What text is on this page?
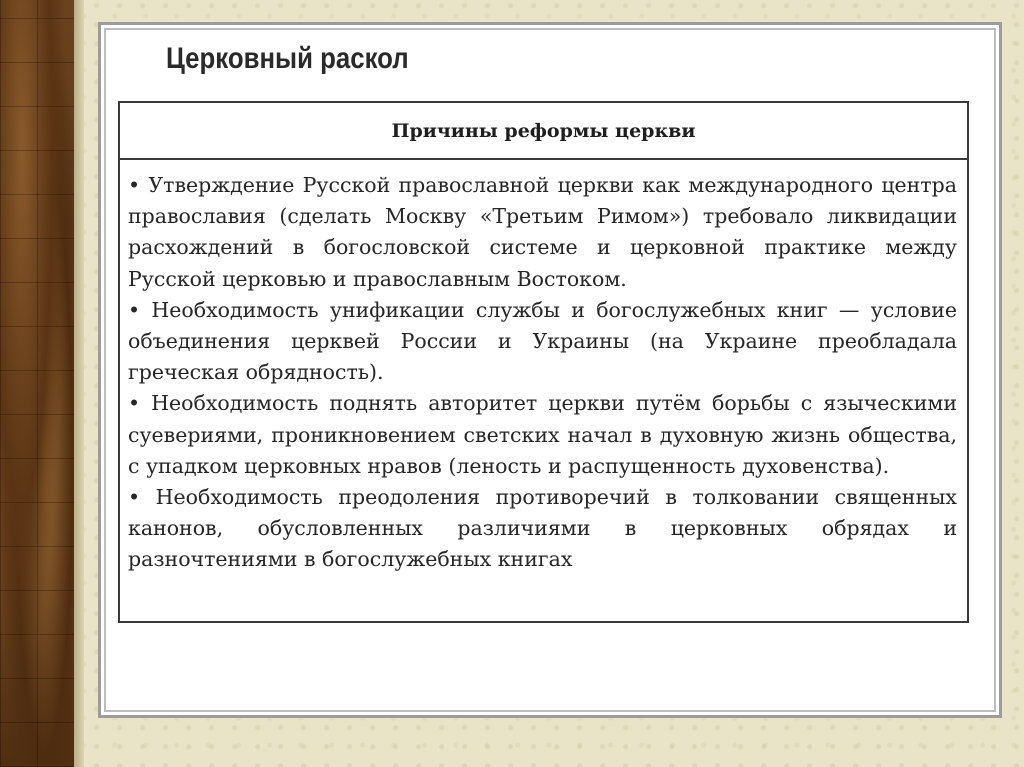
Церковный раскол
Причины реформы церкви

• Утверждение Русской православной церкви как международного центра православия (сделать Москву «Третьим Римом») требовало ликвидации расхождений в богословской системе и церковной практике между Русской церковью и православным Востоком.

• Необходимость унификации службы и богослужебных книг — условие объединения церквей России и Украины (на Украине преобладала греческая обрядность).

• Необходимость поднять авторитет церкви путём борьбы с языческими суевериями, проникновением светских начал в духовную жизнь общества, с упадком церковных нравов (леность и распущенность духовенства).

• Необходимость преодоления противоречий в толковании священных канонов, обусловленных различиями в церковных обрядах и разночтениями в богослужебных книгах
